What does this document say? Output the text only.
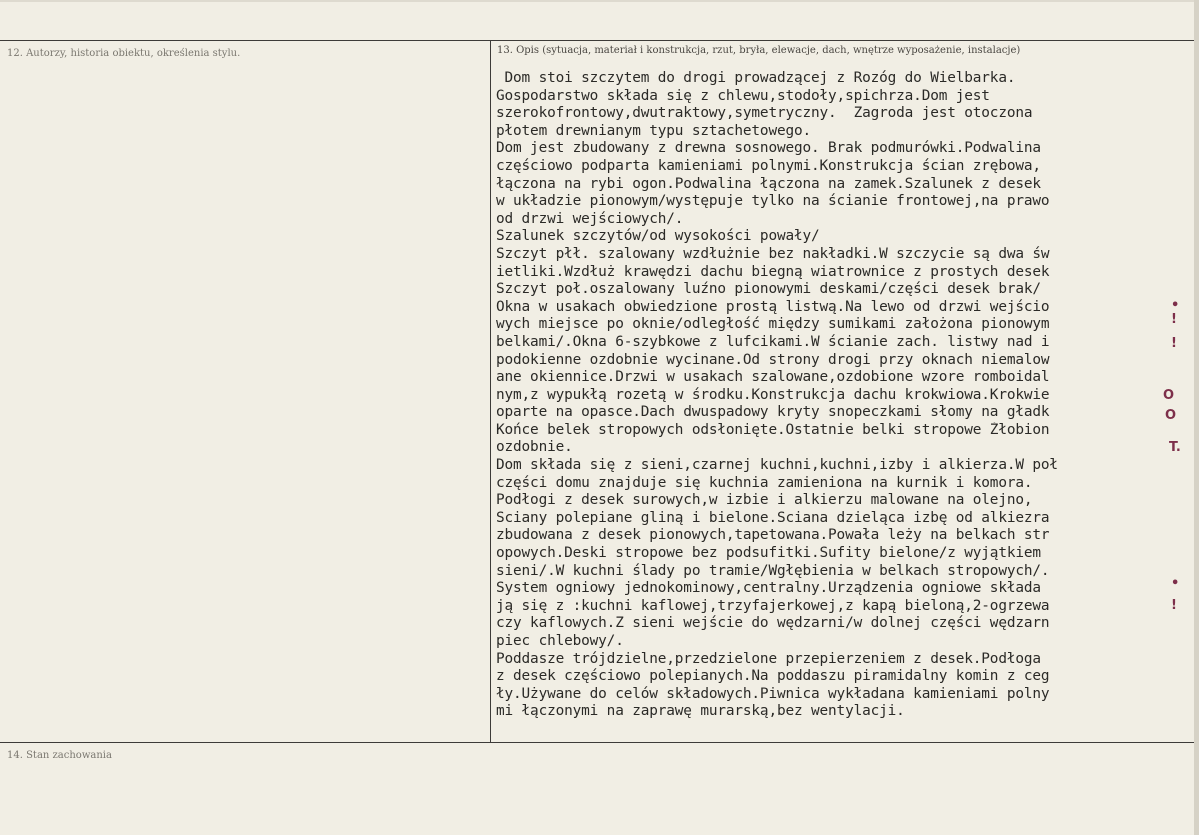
12. Autorzy, historia obiektu, określenia stylu.	13. Opis (sytuacja, materiał i konstrukcja, rzut, bryła, elewacje, dach, wnętrze wyposażenie, instalacje)
14. Stan zachowania
Dom stoi szczytem do drogi prowadzącej z Rozóg do Wielbarka.
Gospodarstwo składa się z chlewu,stodoły,spichrza.Dom jest
szerokofrontowy,dwutraktowy,symetryczny.  Zagroda jest otoczona
płotem drewnianym typu sztachetowego.
Dom jest zbudowany z drewna sosnowego. Brak podmurówki.Podwalina
częściowo podparta kamieniami polnymi.Konstrukcja ścian zrębowa,
łączona na rybi ogon.Podwalina łączona na zamek.Szalunek z desek
w układzie pionowym/występuje tylko na ścianie frontowej,na prawo
od drzwi wejściowych/.
Szalunek szczytów/od wysokości powały/
Szczyt płł. szalowany wzdłużnie bez nakładki.W szczycie są dwa św
ietliki.Wzdłuż krawędzi dachu biegną wiatrownice z prostych desek
Szczyt poł.oszalowany luźno pionowymi deskami/części desek brak/
Okna w usakach obwiedzione prostą listwą.Na lewo od drzwi wejścio
wych miejsce po oknie/odległość między sumikami założona pionowym
belkami/.Okna 6-szybkowe z lufcikami.W ścianie zach. listwy nad i
podokienne ozdobnie wycinane.Od strony drogi przy oknach niemalow
ane okiennice.Drzwi w usakach szalowane,ozdobione wzore romboidal
nym,z wypukłą rozetą w środku.Konstrukcja dachu krokwiowa.Krokwie
oparte na opasce.Dach dwuspadowy kryty snopeczkami słomy na gładk
Końce belek stropowych odsłonięte.Ostatnie belki stropowe Żłobion
ozdobnie.
Dom składa się z sieni,czarnej kuchni,kuchni,izby i alkierza.W poł
części domu znajduje się kuchnia zamieniona na kurnik i komora.
Podłogi z desek surowych,w izbie i alkierzu malowane na olejno,
Sciany polepiane gliną i bielone.Sciana dzieląca izbę od alkiezra
zbudowana z desek pionowych,tapetowana.Powała leży na belkach str
opowych.Deski stropowe bez podsufitki.Sufity bielone/z wyjątkiem
sieni/.W kuchni ślady po tramie/Wgłębienia w belkach stropowych/.
System ogniowy jednokominowy,centralny.Urządzenia ogniowe składa
ją się z :kuchni kaflowej,trzyfajerkowej,z kapą bieloną,2-ogrzewa
czy kaflowych.Z sieni wejście do wędzarni/w dolnej części wędzarn
piec chlebowy/.
Poddasze trójdzielne,przedzielone przepierzeniem z desek.Podłoga
z desek częściowo polepianych.Na poddaszu piramidalny komin z ceg
ły.Używane do celów składowych.Piwnica wykładana kamieniami polny
mi łączonymi na zaprawę murarską,bez wentylacji.
•
!
!
O
O
T.
•
!
